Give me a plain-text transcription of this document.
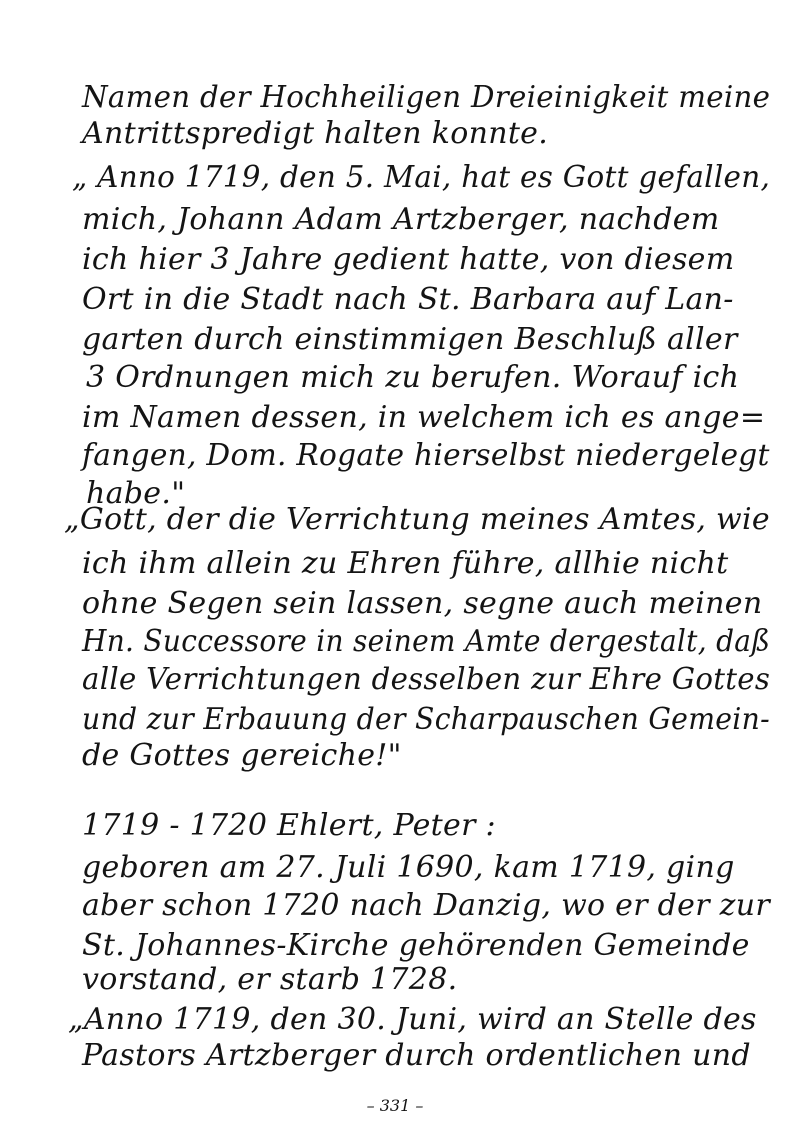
Namen der Hochheiligen Dreieinigkeit meine
Antrittspredigt halten konnte.
„ Anno 1719, den 5. Mai, hat es Gott gefallen,
mich, Johann Adam Artzberger, nachdem
ich hier 3 Jahre gedient hatte, von diesem
Ort in die Stadt nach St. Barbara auf Lan-
garten durch einstimmigen Beschluß aller
3 Ordnungen mich zu berufen. Worauf ich
im Namen dessen, in welchem ich es ange=
fangen, Dom. Rogate hierselbst niedergelegt
habe."
„Gott, der die Verrichtung meines Amtes, wie
ich ihm allein zu Ehren führe, allhie nicht
ohne Segen sein lassen, segne auch meinen
Hn. Successore in seinem Amte dergestalt, daß
alle Verrichtungen desselben zur Ehre Gottes
und zur Erbauung der Scharpauschen Gemein-
de Gottes gereiche!"
1719 - 1720 Ehlert, Peter :
geboren am 27. Juli 1690, kam 1719, ging
aber schon 1720 nach Danzig, wo er der zur
St. Johannes-Kirche gehörenden Gemeinde
vorstand, er starb 1728.
„Anno 1719, den 30. Juni, wird an Stelle des
Pastors Artzberger durch ordentlichen und
– 331 –
